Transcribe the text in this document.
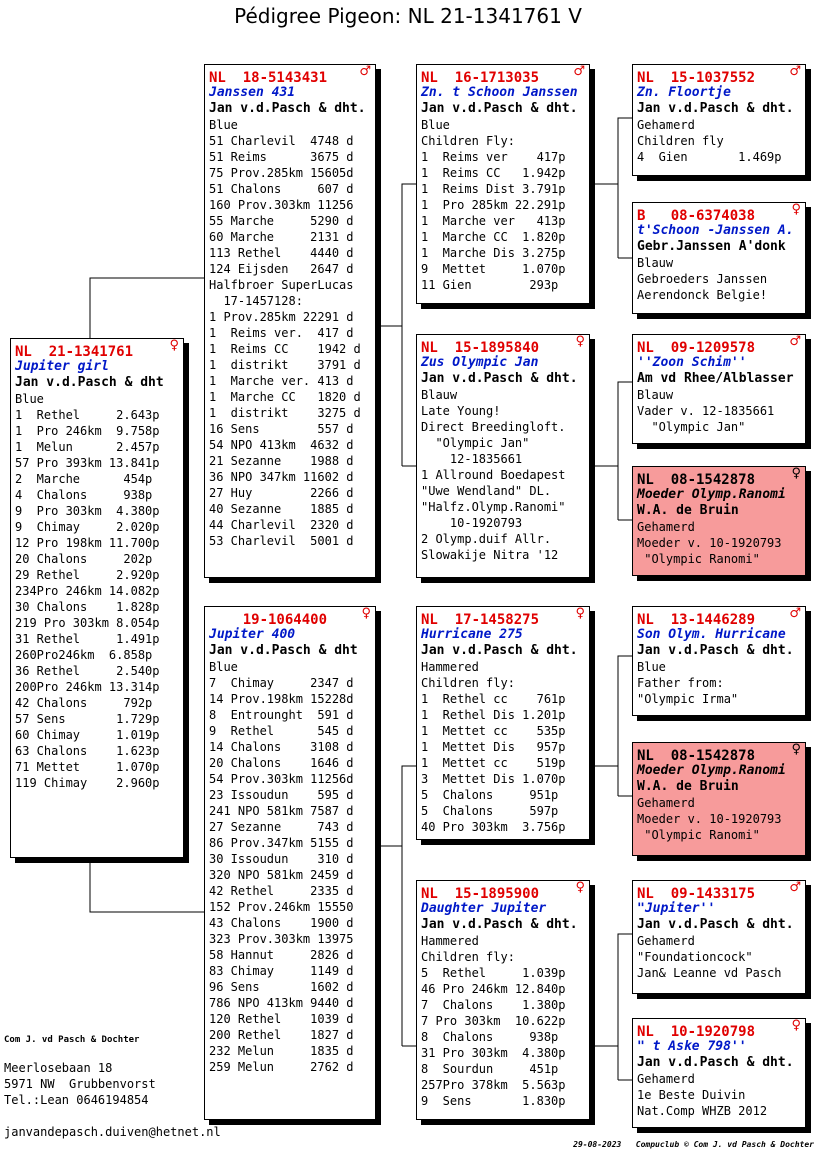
Pédigree Pigeon: NL 21-1341761 V
NL  21-1341761	♀
Jupiter girl
Jan v.d.Pasch & dht
Blue
1  Rethel     2.643p
1  Pro 246km  9.758p
1  Melun      2.457p
57 Pro 393km 13.841p
2  Marche      454p
4  Chalons     938p
9  Pro 303km  4.380p
9  Chimay     2.020p
12 Pro 198km 11.700p
20 Chalons     202p
29 Rethel     2.920p
234Pro 246km 14.082p
30 Chalons    1.828p
219 Pro 303km 8.054p
31 Rethel     1.491p
260Pro246km  6.858p
36 Rethel     2.540p
200Pro 246km 13.314p
42 Chalons     792p
57 Sens       1.729p
60 Chimay     1.019p
63 Chalons    1.623p
71 Mettet     1.070p
119 Chimay    2.960p
NL  18-5143431 ♂
Janssen 431
Jan v.d.Pasch & dht.
Blue
51 Charlevil  4748 d
51 Reims      3675 d
75 Prov.285km 15605d
51 Chalons     607 d
160 Prov.303km 11256
55 Marche     5290 d
60 Marche     2131 d
113 Rethel    4440 d
124 Eijsden   2647 d
Halfbroer SuperLucas
17-1457128:
1 Prov.285km 22291 d
1  Reims ver.  417 d
1  Reims CC    1942 d
1  distrikt    3791 d
1  Marche ver. 413 d
1  Marche CC   1820 d
1  distrikt    3275 d
16 Sens        557 d
54 NPO 413km  4632 d
21 Sezanne    1988 d
36 NPO 347km 11602 d
27 Huy        2266 d
40 Sezanne    1885 d
44 Charlevil  2320 d
53 Charlevil  5001 d
19-1064400	♀
Jupiter 400
Jan v.d.Pasch & dht
Blue
7  Chimay     2347 d
14 Prov.198km 15228d
8  Entrounght  591 d
9  Rethel      545 d
14 Chalons    3108 d
20 Chalons    1646 d
54 Prov.303km 11256d
23 Issoudun    595 d
241 NPO 581km 7587 d
27 Sezanne     743 d
86 Prov.347km 5155 d
30 Issoudun    310 d
320 NPO 581km 2459 d
42 Rethel     2335 d
152 Prov.246km 15550
43 Chalons    1900 d
323 Prov.303km 13975
58 Hannut     2826 d
83 Chimay     1149 d
96 Sens       1602 d
786 NPO 413km 9440 d
120 Rethel    1039 d
200 Rethel    1827 d
232 Melun     1835 d
259 Melun     2762 d
NL  16-1713035	♂
Zn. t Schoon Janssen
Jan v.d.Pasch & dht.
Blue
Children Fly:
1  Reims ver    417p
1  Reims CC   1.942p
1  Reims Dist 3.791p
1  Pro 285km 22.291p
1  Marche ver   413p
1  Marche CC  1.820p
1  Marche Dis 3.275p
9  Mettet     1.070p
11 Gien        293p
NL  15-1895840	♀
Zus Olympic Jan
Jan v.d.Pasch & dht.
Blauw
Late Young!
Direct Breedingloft.
"Olympic Jan"
12-1835661
1 Allround Boedapest
"Uwe Wendland" DL.
"Halfz.Olymp.Ranomi"
10-1920793
2 Olymp.duif Allr.
Slowakije Nitra '12
NL  17-1458275	♀
Hurricane 275
Jan v.d.Pasch & dht.
Hammered
Children fly:
1  Rethel cc    761p
1  Rethel Dis 1.201p
1  Mettet cc    535p
1  Mettet Dis   957p
1  Mettet cc    519p
3  Mettet Dis 1.070p
5  Chalons     951p
5  Chalons     597p
40 Pro 303km  3.756p
NL  15-1895900	♀
Daughter Jupiter
Jan v.d.Pasch & dht.
Hammered
Children fly:
5  Rethel     1.039p
46 Pro 246km 12.840p
7  Chalons    1.380p
7 Pro 303km  10.622p
8  Chalons     938p
31 Pro 303km  4.380p
8  Sourdun     451p
257Pro 378km  5.563p
9  Sens       1.830p
NL  15-1037552	♂
Zn. Floortje
Jan v.d.Pasch & dht.
Gehamerd
Children fly
4  Gien       1.469p
B   08-6374038	♀
t'Schoon -Janssen A.
Gebr.Janssen A'donk
Blauw
Gebroeders Janssen
Aerendonck Belgie!
NL  09-1209578	♂
''Zoon Schim''
Am vd Rhee/Alblasser
Blauw
Vader v. 12-1835661
"Olympic Jan"
NL  08-1542878	♀
Moeder Olymp.Ranomi
W.A. de Bruin
Gehamerd
Moeder v. 10-1920793
"Olympic Ranomi"
NL  13-1446289	♂
Son Olym. Hurricane
Jan v.d.Pasch & dht.
Blue
Father from:
"Olympic Irma"
NL  08-1542878	♀
Moeder Olymp.Ranomi
W.A. de Bruin
Gehamerd
Moeder v. 10-1920793
"Olympic Ranomi"
NL  09-1433175	♂
"Jupiter''
Jan v.d.Pasch & dht.
Gehamerd
"Foundationcock"
Jan& Leanne vd Pasch
NL  10-1920798	♀
" t Aske 798''
Jan v.d.Pasch & dht.
Gehamerd
1e Beste Duivin
Nat.Comp WHZB 2012
Com J. vd Pasch & Dochter
Meerlosebaan 18
5971 NW  Grubbenvorst
Tel.:Lean 0646194854
janvandepasch.duiven@hetnet.nl
29-08-2023 Compuclub © Com J. vd Pasch & Dochter
